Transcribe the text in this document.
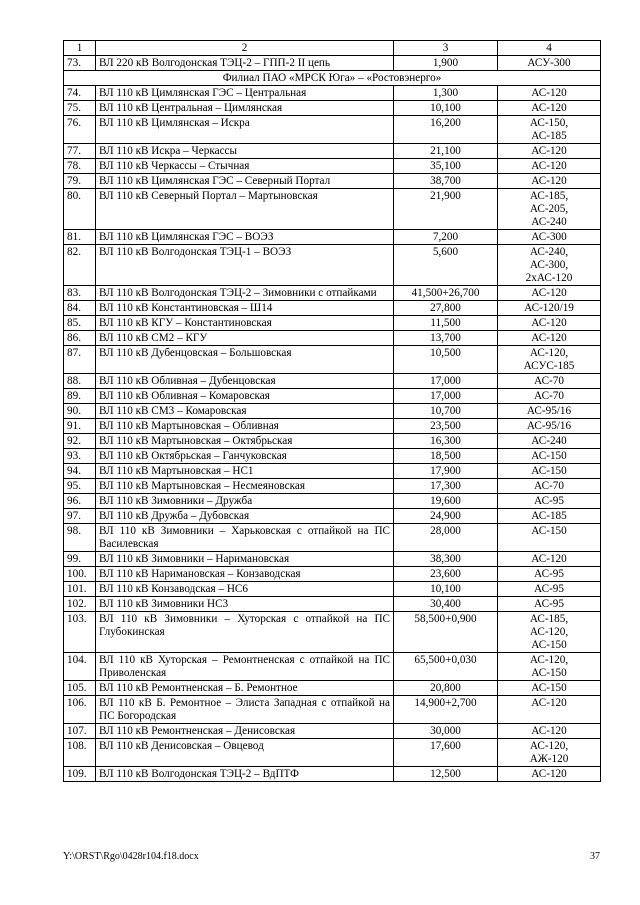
1	2	3	4
73.	ВЛ 220 кВ Волгодонская ТЭЦ-2 – ГПП-2 II цепь	1,900	АСУ-300
Филиал ПАО «МРСК Юга» – «Ростовэнерго»			
74.	ВЛ 110 кВ Цимлянская ГЭС – Центральная	1,300	АС-120
75.	ВЛ 110 кВ Центральная – Цимлянская	10,100	АС-120
76.	ВЛ 110 кВ Цимлянская – Искра	16,200	АС-150,
АС-185
77.	ВЛ 110 кВ Искра – Черкассы	21,100	АС-120
78.	ВЛ 110 кВ Черкассы – Стычная	35,100	АС-120
79.	ВЛ 110 кВ Цимлянская ГЭС – Северный Портал	38,700	АС-120
80.	ВЛ 110 кВ Северный Портал – Мартыновская	21,900	АС-185,
АС-205,
АС-240
81.	ВЛ 110 кВ Цимлянская ГЭС – ВОЭЗ	7,200	АС-300
82.	ВЛ 110 кВ Волгодонская ТЭЦ-1 – ВОЭЗ	5,600	АС-240,
АС-300,
2хАС-120
83.	ВЛ 110 кВ Волгодонская ТЭЦ-2 – Зимовники с отпайками	41,500+26,700	АС-120
84.	ВЛ 110 кВ Константиновская – Ш14	27,800	АС-120/19
85.	ВЛ 110 кВ КГУ – Константиновская	11,500	АС-120
86.	ВЛ 110 кВ СМ2 – КГУ	13,700	АС-120
87.	ВЛ 110 кВ Дубенцовская – Большовская	10,500	АС-120,
АСУС-185
88.	ВЛ 110 кВ Обливная – Дубенцовская	17,000	АС-70
89.	ВЛ 110 кВ Обливная – Комаровская	17,000	АС-70
90.	ВЛ 110 кВ СМ3 – Комаровская	10,700	АС-95/16
91.	ВЛ 110 кВ Мартыновская – Обливная	23,500	АС-95/16
92.	ВЛ 110 кВ Мартыновская – Октябрьская	16,300	АС-240
93.	ВЛ 110 кВ Октябрьская – Ганчуковская	18,500	АС-150
94.	ВЛ 110 кВ Мартыновская – НС1	17,900	АС-150
95.	ВЛ 110 кВ Мартыновская – Несмеяновская	17,300	АС-70
96.	ВЛ 110 кВ Зимовники – Дружба	19,600	АС-95
97.	ВЛ 110 кВ Дружба – Дубовская	24,900	АС-185
98.	ВЛ 110 кВ Зимовники – Харьковская с отпайкой на ПС Василевская	28,000	АС-150
99.	ВЛ 110 кВ Зимовники – Наримановская	38,300	АС-120
100.	ВЛ 110 кВ Наримановская – Конзаводская	23,600	АС-95
101.	ВЛ 110 кВ Конзаводская – НС6	10,100	АС-95
102.	ВЛ 110 кВ Зимовники НС3	30,400	АС-95
103.	ВЛ 110 кВ Зимовники – Хуторская с отпайкой на ПС Глубокинская	58,500+0,900	АС-185,
АС-120,
АС-150
104.	ВЛ 110 кВ Хуторская – Ремонтненская с отпайкой на ПС Приволенская	65,500+0,030	АС-120,
АС-150
105.	ВЛ 110 кВ Ремонтненская – Б. Ремонтное	20,800	АС-150
106.	ВЛ 110 кВ Б. Ремонтное – Элиста Западная с отпайкой на ПС Богородская	14,900+2,700	АС-120
107.	ВЛ 110 кВ Ремонтненская – Денисовская	30,000	АС-120
108.	ВЛ 110 кВ Денисовская – Овцевод	17,600	АС-120,
АЖ-120
109.	ВЛ 110 кВ Волгодонская ТЭЦ-2 – ВдПТФ	12,500	АС-120
Y:\ORST\Rgo\0428r104.f18.docx	37
